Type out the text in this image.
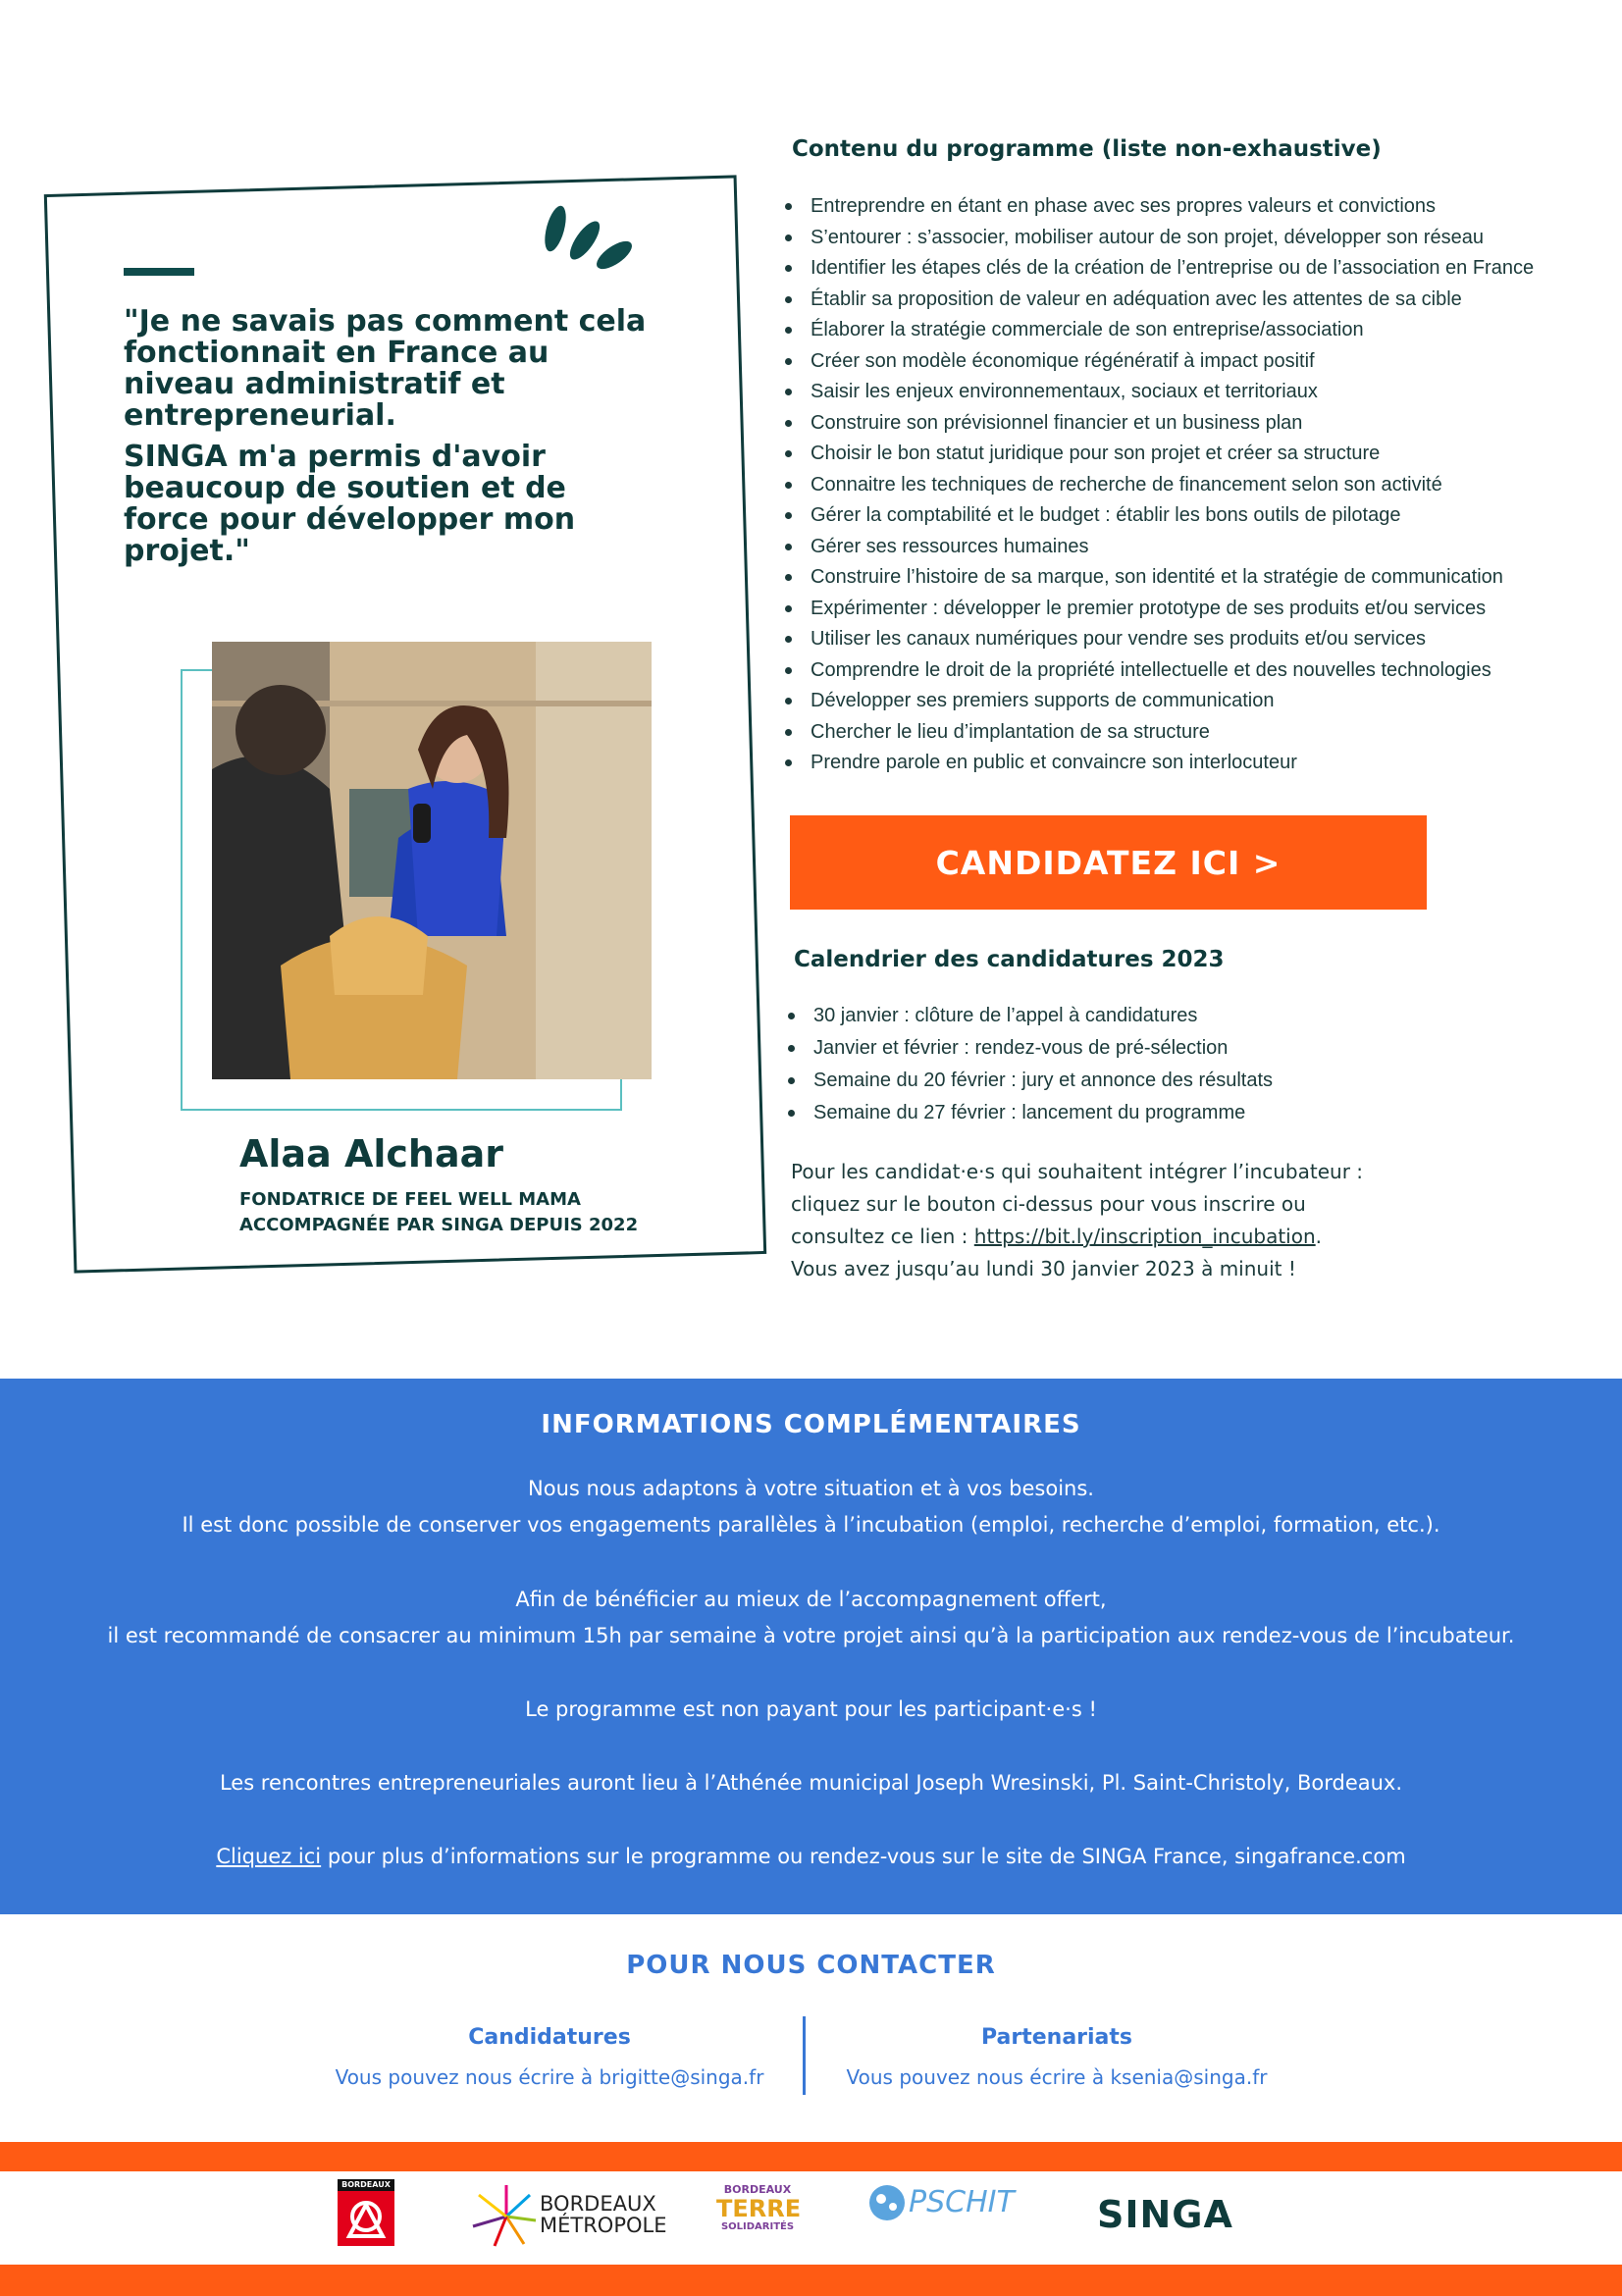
"Je ne savais pas comment cela fonctionnait en France au niveau administratif et entrepreneurial.

SINGA m'a permis d'avoir beaucoup de soutien et de force pour développer mon projet."

Alaa Alchaar
FONDATRICE DE FEEL WELL MAMA
ACCOMPAGNÉE PAR SINGA DEPUIS 2022
Contenu du programme (liste non-exhaustive)
Entreprendre en étant en phase avec ses propres valeurs et convictions
S’entourer : s’associer, mobiliser autour de son projet, développer son réseau
Identifier les étapes clés de la création de l’entreprise ou de l’association en France
Établir sa proposition de valeur en adéquation avec les attentes de sa cible
Élaborer la stratégie commerciale de son entreprise/association
Créer son modèle économique régénératif à impact positif
Saisir les enjeux environnementaux, sociaux et territoriaux
Construire son prévisionnel financier et un business plan
Choisir le bon statut juridique pour son projet et créer sa structure
Connaitre les techniques de recherche de financement selon son activité
Gérer la comptabilité et le budget : établir les bons outils de pilotage
Gérer ses ressources humaines
Construire l’histoire de sa marque, son identité et la stratégie de communication
Expérimenter : développer le premier prototype de ses produits et/ou services
Utiliser les canaux numériques pour vendre ses produits et/ou services
Comprendre le droit de la propriété intellectuelle et des nouvelles technologies
Développer ses premiers supports de communication
Chercher le lieu d’implantation de sa structure
Prendre parole en public et convaincre son interlocuteur
CANDIDATEZ ICI >
Calendrier des candidatures 2023
30 janvier : clôture de l’appel à candidatures
Janvier et février : rendez-vous de pré-sélection
Semaine du 20 février : jury et annonce des résultats
Semaine du 27 février : lancement du programme
Pour les candidat·e·s qui souhaitent intégrer l’incubateur :
cliquez sur le bouton ci-dessus pour vous inscrire ou
consultez ce lien : https://bit.ly/inscription_incubation.
Vous avez jusqu’au lundi 30 janvier 2023 à minuit !
INFORMATIONS COMPLÉMENTAIRES
Nous nous adaptons à votre situation et à vos besoins.
Il est donc possible de conserver vos engagements parallèles à l’incubation (emploi, recherche d’emploi, formation, etc.).
Afin de bénéficier au mieux de l’accompagnement offert,
il est recommandé de consacrer au minimum 15h par semaine à votre projet ainsi qu’à la participation aux rendez-vous de l’incubateur.
Le programme est non payant pour les participant·e·s !
Les rencontres entrepreneuriales auront lieu à l’Athénée municipal Joseph Wresinski, Pl. Saint-Christoly, Bordeaux.
Cliquez ici pour plus d’informations sur le programme ou rendez-vous sur le site de SINGA France, singafrance.com
POUR NOUS CONTACTER
Candidatures
Vous pouvez nous écrire à brigitte@singa.fr
Partenariats
Vous pouvez nous écrire à ksenia@singa.fr
BORDEAUX
BORDEAUX
MÉTROPOLE
BORDEAUX
TERRE
SOLIDARITÉS
PSCHIT SINGA
